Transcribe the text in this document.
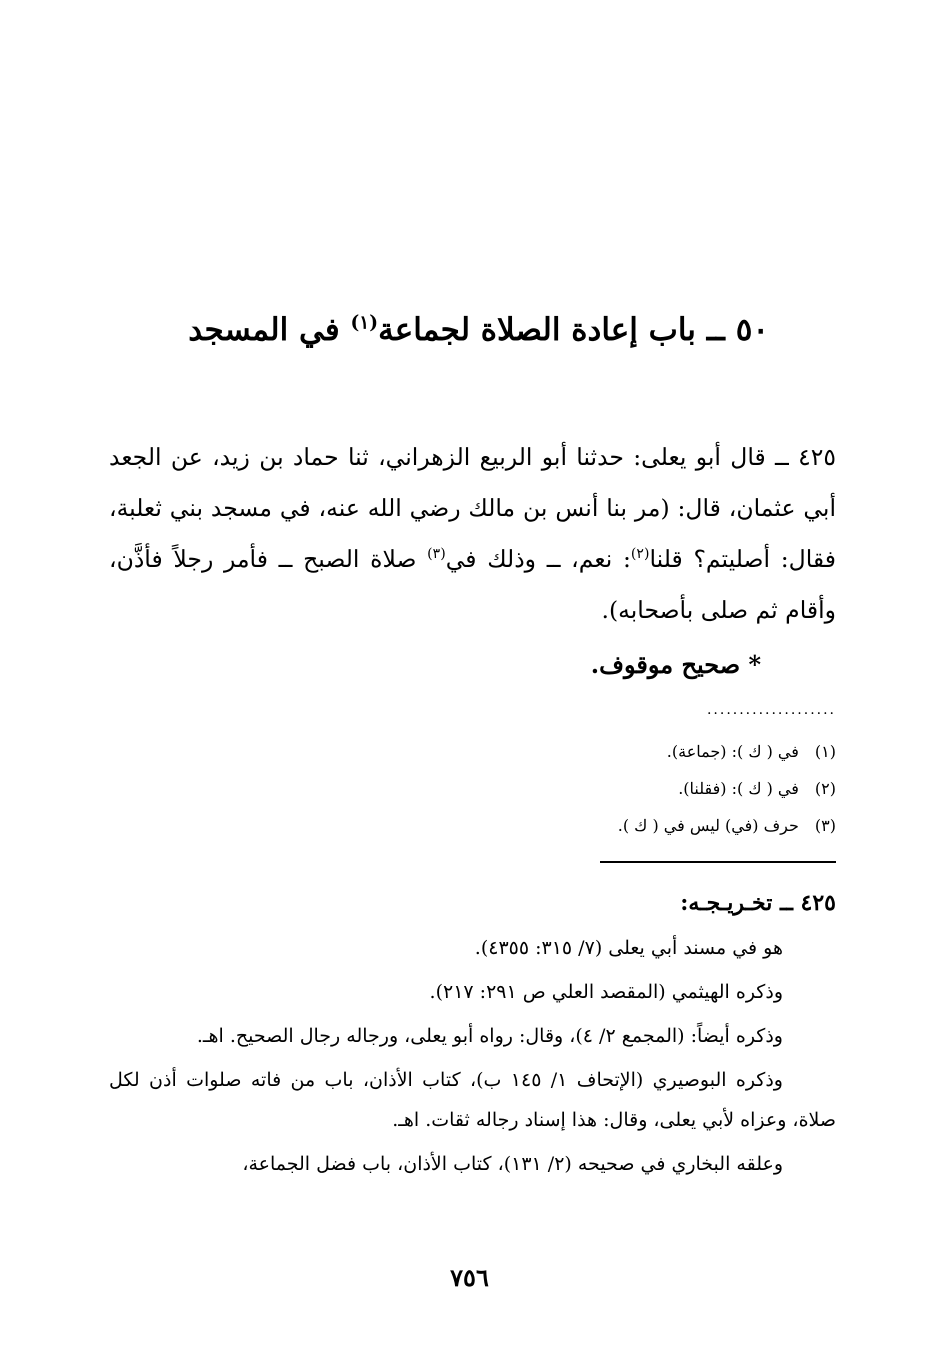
٥٠ ــ باب إعادة الصلاة لجماعة$^{(١)}$ في المسجد

٤٢٥ ــ قال أبو يعلى: حدثنا أبو الربيع الزهراني، ثنا حماد بن زيد، عن الجعد أبي عثمان، قال: (مر بنا أنس بن مالك رضي الله عنه، في مسجد بني ثعلبة، فقال: أصليتم؟ قلنا$^{(٢)}$: نعم، ــ وذلك في$^{(٣)}$ صلاة الصبح ــ فأمر رجلاً فأذَّن، وأقام ثم صلى بأصحابه).

* صحيح موقوف.
....................
(١)في ( ك ): (جماعة).
(٢)في ( ك ): (فقلنا).
(٣)حرف (في) ليس في ( ك ).
٤٢٥ ــ تخـريـجـه:

هو في مسند أبي يعلى (٧/ ٣١٥: ٤٣٥٥).

وذكره الهيثمي (المقصد العلي ص ٢٩١: ٢١٧).

وذكره أيضاً: (المجمع ٢/ ٤)، وقال: رواه أبو يعلى، ورجاله رجال الصحيح. اهـ.

وذكره البوصيري (الإتحاف ١/ ١٤٥ ب)، كتاب الأذان، باب من فاته صلوات أذن لكل صلاة، وعزاه لأبي يعلى، وقال: هذا إسناد رجاله ثقات. اهـ.

وعلقه البخاري في صحيحه (٢/ ١٣١)، كتاب الأذان، باب فضل الجماعة،

٧٥٦
